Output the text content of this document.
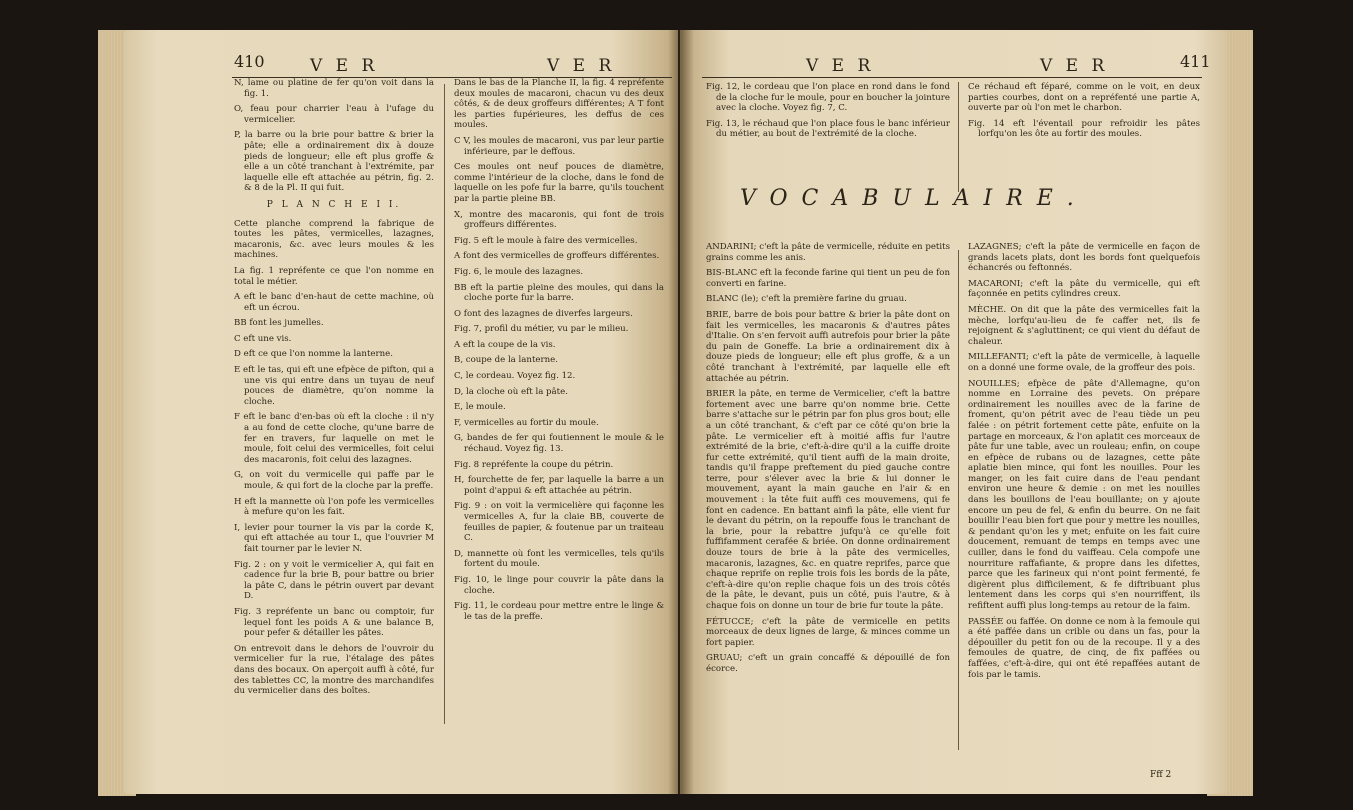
410	V E R	V E R

N, lame ou platine de fer qu'on voit dans la fig. 1.

O, feau pour charrier l'eau à l'ufage du vermicelier.

P, la barre ou la brie pour battre & brier la pâte; elle a ordinairement dix à douze pieds de longueur; elle eft plus groffe & elle a un côté tranchant à l'extrémite, par laquelle elle eft attachée au pétrin, fig. 2. & 8 de la Pl. II qui fuit.

P L A N C H E I I.

Cette planche comprend la fabrique de toutes les pâtes, vermicelles, lazagnes, macaronis, &c. avec leurs moules & les machines.

La fig. 1 repréfente ce que l'on nomme en total le métier.

A eft le banc d'en-haut de cette machine, où eft un écrou.

BB font les jumelles.

C eft une vis.

D eft ce que l'on nomme la lanterne.

E eft le tas, qui eft une efpèce de pifton, qui a une vis qui entre dans un tuyau de neuf pouces de diamètre, qu'on nomme la cloche.

F eft le banc d'en-bas où eft la cloche : il n'y a au fond de cette cloche, qu'une barre de fer en travers, fur laquelle on met le moule, foit celui des vermicelles, foit celui des macaronis, foit celui des lazagnes.

G, on voit du vermicelle qui paffe par le moule, & qui fort de la cloche par la preffe.

H eft la mannette où l'on pofe les vermicelles à mefure qu'on les fait.

I, levier pour tourner la vis par la corde K, qui eft attachée au tour L, que l'ouvrier M fait tourner par le levier N.

Fig. 2 : on y voit le vermicelier A, qui fait en cadence fur la brie B, pour battre ou brier la pâte C, dans le pétrin ouvert par devant D.

Fig. 3 repréfente un banc ou comptoir, fur lequel font les poids A & une balance B, pour pefer & détailler les pâtes.

On entrevoit dans le dehors de l'ouvroir du vermicelier fur la rue, l'étalage des pâtes dans des bocaux. On aperçoit auffi à côté, fur des tablettes CC, la montre des marchandifes du vermicelier dans des boîtes.

Dans le bas de la Planche II, la fig. 4 repréfente deux moules de macaroni, chacun vu des deux côtés, & de deux groffeurs différentes; A T font les parties fupérieures, les deffus de ces moules.

C V, les moules de macaroni, vus par leur partie inférieure, par le deffous.

Ces moules ont neuf pouces de diamètre, comme l'intérieur de la cloche, dans le fond de laquelle on les pofe fur la barre, qu'ils touchent par la partie pleine BB.

X, montre des macaronis, qui font de trois groffeurs différentes.

Fig. 5 eft le moule à faire des vermicelles.

A font des vermicelles de groffeurs différentes.

Fig. 6, le moule des lazagnes.

BB eft la partie pleine des moules, qui dans la cloche porte fur la barre.

O font des lazagnes de diverfes largeurs.

Fig. 7, profil du métier, vu par le milieu.

A eft la coupe de la vis.

B, coupe de la lanterne.

C, le cordeau. Voyez fig. 12.

D, la cloche où eft la pâte.

E, le moule.

F, vermicelles au fortir du moule.

G, bandes de fer qui foutiennent le moule & le réchaud. Voyez fig. 13.

Fig. 8 repréfente la coupe du pétrin.

H, fourchette de fer, par laquelle la barre a un point d'appui & eft attachée au pétrin.

Fig. 9 : on voit la vermicelière qui façonne les vermicelles A, fur la claie BB, couverte de feuilles de papier, & foutenue par un traiteau C.

D, mannette où font les vermicelles, tels qu'ils fortent du moule.

Fig. 10, le linge pour couvrir la pâte dans la cloche.

Fig. 11, le cordeau pour mettre entre le linge & le tas de la preffe.

V E R	V E R	411

Fig. 12, le cordeau que l'on place en rond dans le fond de la cloche fur le moule, pour en boucher la jointure avec la cloche. Voyez fig. 7, C.

Fig. 13, le réchaud que l'on place fous le banc inférieur du métier, au bout de l'extrémité de la cloche.

Ce réchaud eft féparé, comme on le voit, en deux parties courbes, dont on a repréfenté une partie A, ouverte par où l'on met le charbon.

Fig. 14 eft l'éventail pour refroidir les pâtes lorfqu'on les ôte au fortir des moules.

VOCABULAIRE.

ANDARINI; c'eft la pâte de vermicelle, réduite en petits grains comme les anis.

BIS-BLANC eft la feconde farine qui tient un peu de fon converti en farine.

BLANC (le); c'eft la première farine du gruau.

BRIE, barre de bois pour battre & brier la pâte dont on fait les vermicelles, les macaronis & d'autres pâtes d'Italie. On s'en fervoit auffi autrefois pour brier la pâte du pain de Goneffe. La brie a ordinairement dix à douze pieds de longueur; elle eft plus groffe, & a un côté tranchant à l'extrémité, par laquelle elle eft attachée au pétrin.

BRIER la pâte, en terme de Vermicelier, c'eft la battre fortement avec une barre qu'on nomme brie. Cette barre s'attache sur le pétrin par fon plus gros bout; elle a un côté tranchant, & c'eft par ce côté qu'on brie la pâte. Le vermicelier eft à moitié affis fur l'autre extrémité de la brie, c'eft-à-dire qu'il a la cuiffe droite fur cette extrémité, qu'il tient auffi de la main droite, tandis qu'il frappe preftement du pied gauche contre terre, pour s'élever avec la brie & lui donner le mouvement, ayant la main gauche en l'air & en mouvement : la tête fuit auffi ces mouvemens, qui fe font en cadence. En battant ainfi la pâte, elle vient fur le devant du pétrin, on la repouffe fous le tranchant de la brie, pour la rebattre jufqu'à ce qu'elle foit fuffifamment cerafée & briée. On donne ordinairement douze tours de brie à la pâte des vermicelles, macaronis, lazagnes, &c. en quatre reprifes, parce que chaque reprife on replie trois fois les bords de la pâte, c'eft-à-dire qu'on replie chaque fois un des trois côtés de la pâte, le devant, puis un côté, puis l'autre, & à chaque fois on donne un tour de brie fur toute la pâte.

FÉTUCCE; c'eft la pâte de vermicelle en petits morceaux de deux lignes de large, & minces comme un fort papier.

GRUAU; c'eft un grain concaffé & dépouillé de fon écorce.

LAZAGNES; c'eft la pâte de vermicelle en façon de grands lacets plats, dont les bords font quelquefois échancrés ou feftonnés.

MACARONI; c'eft la pâte du vermicelle, qui eft façonnée en petits cylindres creux.

MÈCHE. On dit que la pâte des vermicelles fait la mèche, lorfqu'au-lieu de fe caffer net, ils fe rejoignent & s'agluttinent; ce qui vient du défaut de chaleur.

MILLEFANTI; c'eft la pâte de vermicelle, à laquelle on a donné une forme ovale, de la groffeur des pois.

NOUILLES; efpèce de pâte d'Allemagne, qu'on nomme en Lorraine des pevets. On prépare ordinairement les nouilles avec de la farine de froment, qu'on pétrit avec de l'eau tiède un peu falée : on pétrit fortement cette pâte, enfuite on la partage en morceaux, & l'on aplatit ces morceaux de pâte fur une table, avec un rouleau; enfin, on coupe en efpèce de rubans ou de lazagnes, cette pâte aplatie bien mince, qui font les nouilles. Pour les manger, on les fait cuire dans de l'eau pendant environ une heure & demie : on met les nouilles dans les bouillons de l'eau bouillante; on y ajoute encore un peu de fel, & enfin du beurre. On ne fait bouillir l'eau bien fort que pour y mettre les nouilles, & pendant qu'on les y met; enfuite on les fait cuire doucement, remuant de temps en temps avec une cuiller, dans le fond du vaiffeau. Cela compofe une nourriture raffafiante, & propre dans les difettes, parce que les farineux qui n'ont point fermenté, fe digèrent plus difficilement, & fe diftribuant plus lentement dans les corps qui s'en nourriffent, ils refiftent auffi plus long-temps au retour de la faim.

PASSÉE ou faffée. On donne ce nom à la femoule qui a été paffée dans un crible ou dans un fas, pour la dépouiller du petit fon ou de la recoupe. Il y a des femoules de quatre, de cinq, de fix paffées ou faffées, c'eft-à-dire, qui ont été repaffées autant de fois par le tamis.

Fff 2
